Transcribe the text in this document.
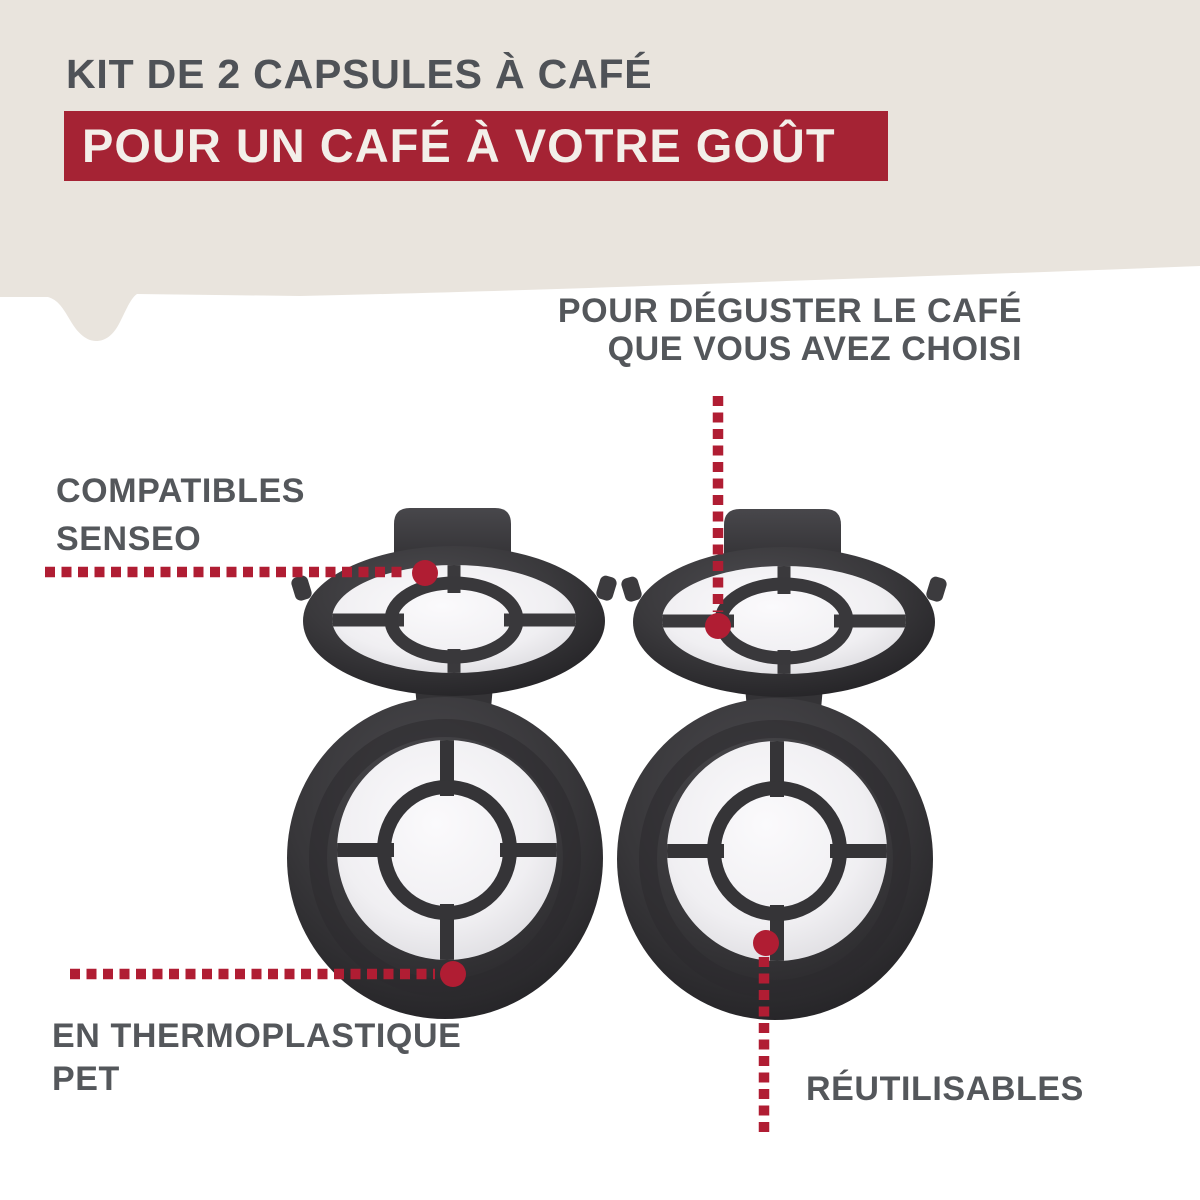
KIT DE 2 CAPSULES À CAFÉ
POUR UN CAFÉ À VOTRE GOÛT
POUR DÉGUSTER LE CAFÉ
QUE VOUS AVEZ CHOISI
COMPATIBLES
SENSEO
EN THERMOPLASTIQUE
PET	RÉUTILISABLES
